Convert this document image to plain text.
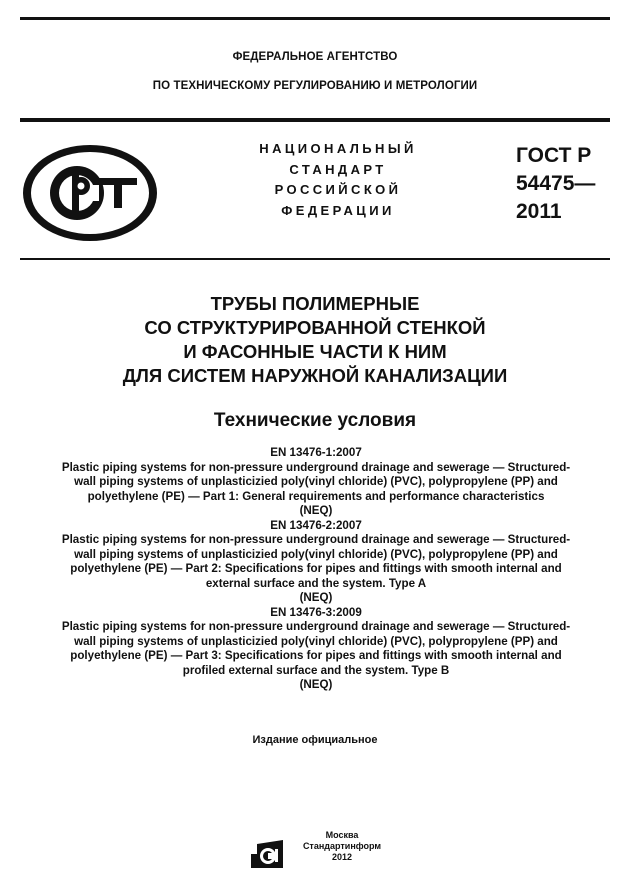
ФЕДЕРАЛЬНОЕ АГЕНТСТВО
ПО ТЕХНИЧЕСКОМУ РЕГУЛИРОВАНИЮ И МЕТРОЛОГИИ
НАЦИОНАЛЬНЫЙ
СТАНДАРТ
РОССИЙСКОЙ
ФЕДЕРАЦИИ
ГОСТ Р
54475—
2011
ТРУБЫ ПОЛИМЕРНЫЕ
СО СТРУКТУРИРОВАННОЙ СТЕНКОЙ
И ФАСОННЫЕ ЧАСТИ К НИМ
ДЛЯ СИСТЕМ НАРУЖНОЙ КАНАЛИЗАЦИИ
Технические условия
EN 13476-1:2007
Plastic piping systems for non-pressure underground drainage and sewerage — Structured-
wall piping systems of unplasticizied poly(vinyl chloride) (PVC), polypropylene (PP) and
polyethylene (PE) — Part 1: General requirements and performance characteristics
(NEQ)
EN 13476-2:2007
Plastic piping systems for non-pressure underground drainage and sewerage — Structured-
wall piping systems of unplasticizied poly(vinyl chloride) (PVC), polypropylene (PP) and
polyethylene (PE) — Part 2: Specifications for pipes and fittings with smooth internal and
external surface and the system. Type A
(NEQ)
EN 13476-3:2009
Plastic piping systems for non-pressure underground drainage and sewerage — Structured-
wall piping systems of unplasticizied poly(vinyl chloride) (PVC), polypropylene (PP) and
polyethylene (PE) — Part 3: Specifications for pipes and fittings with smooth internal and
profiled external surface and the system. Type B
(NEQ)
Издание официальное
Москва
Стандартинформ
2012
